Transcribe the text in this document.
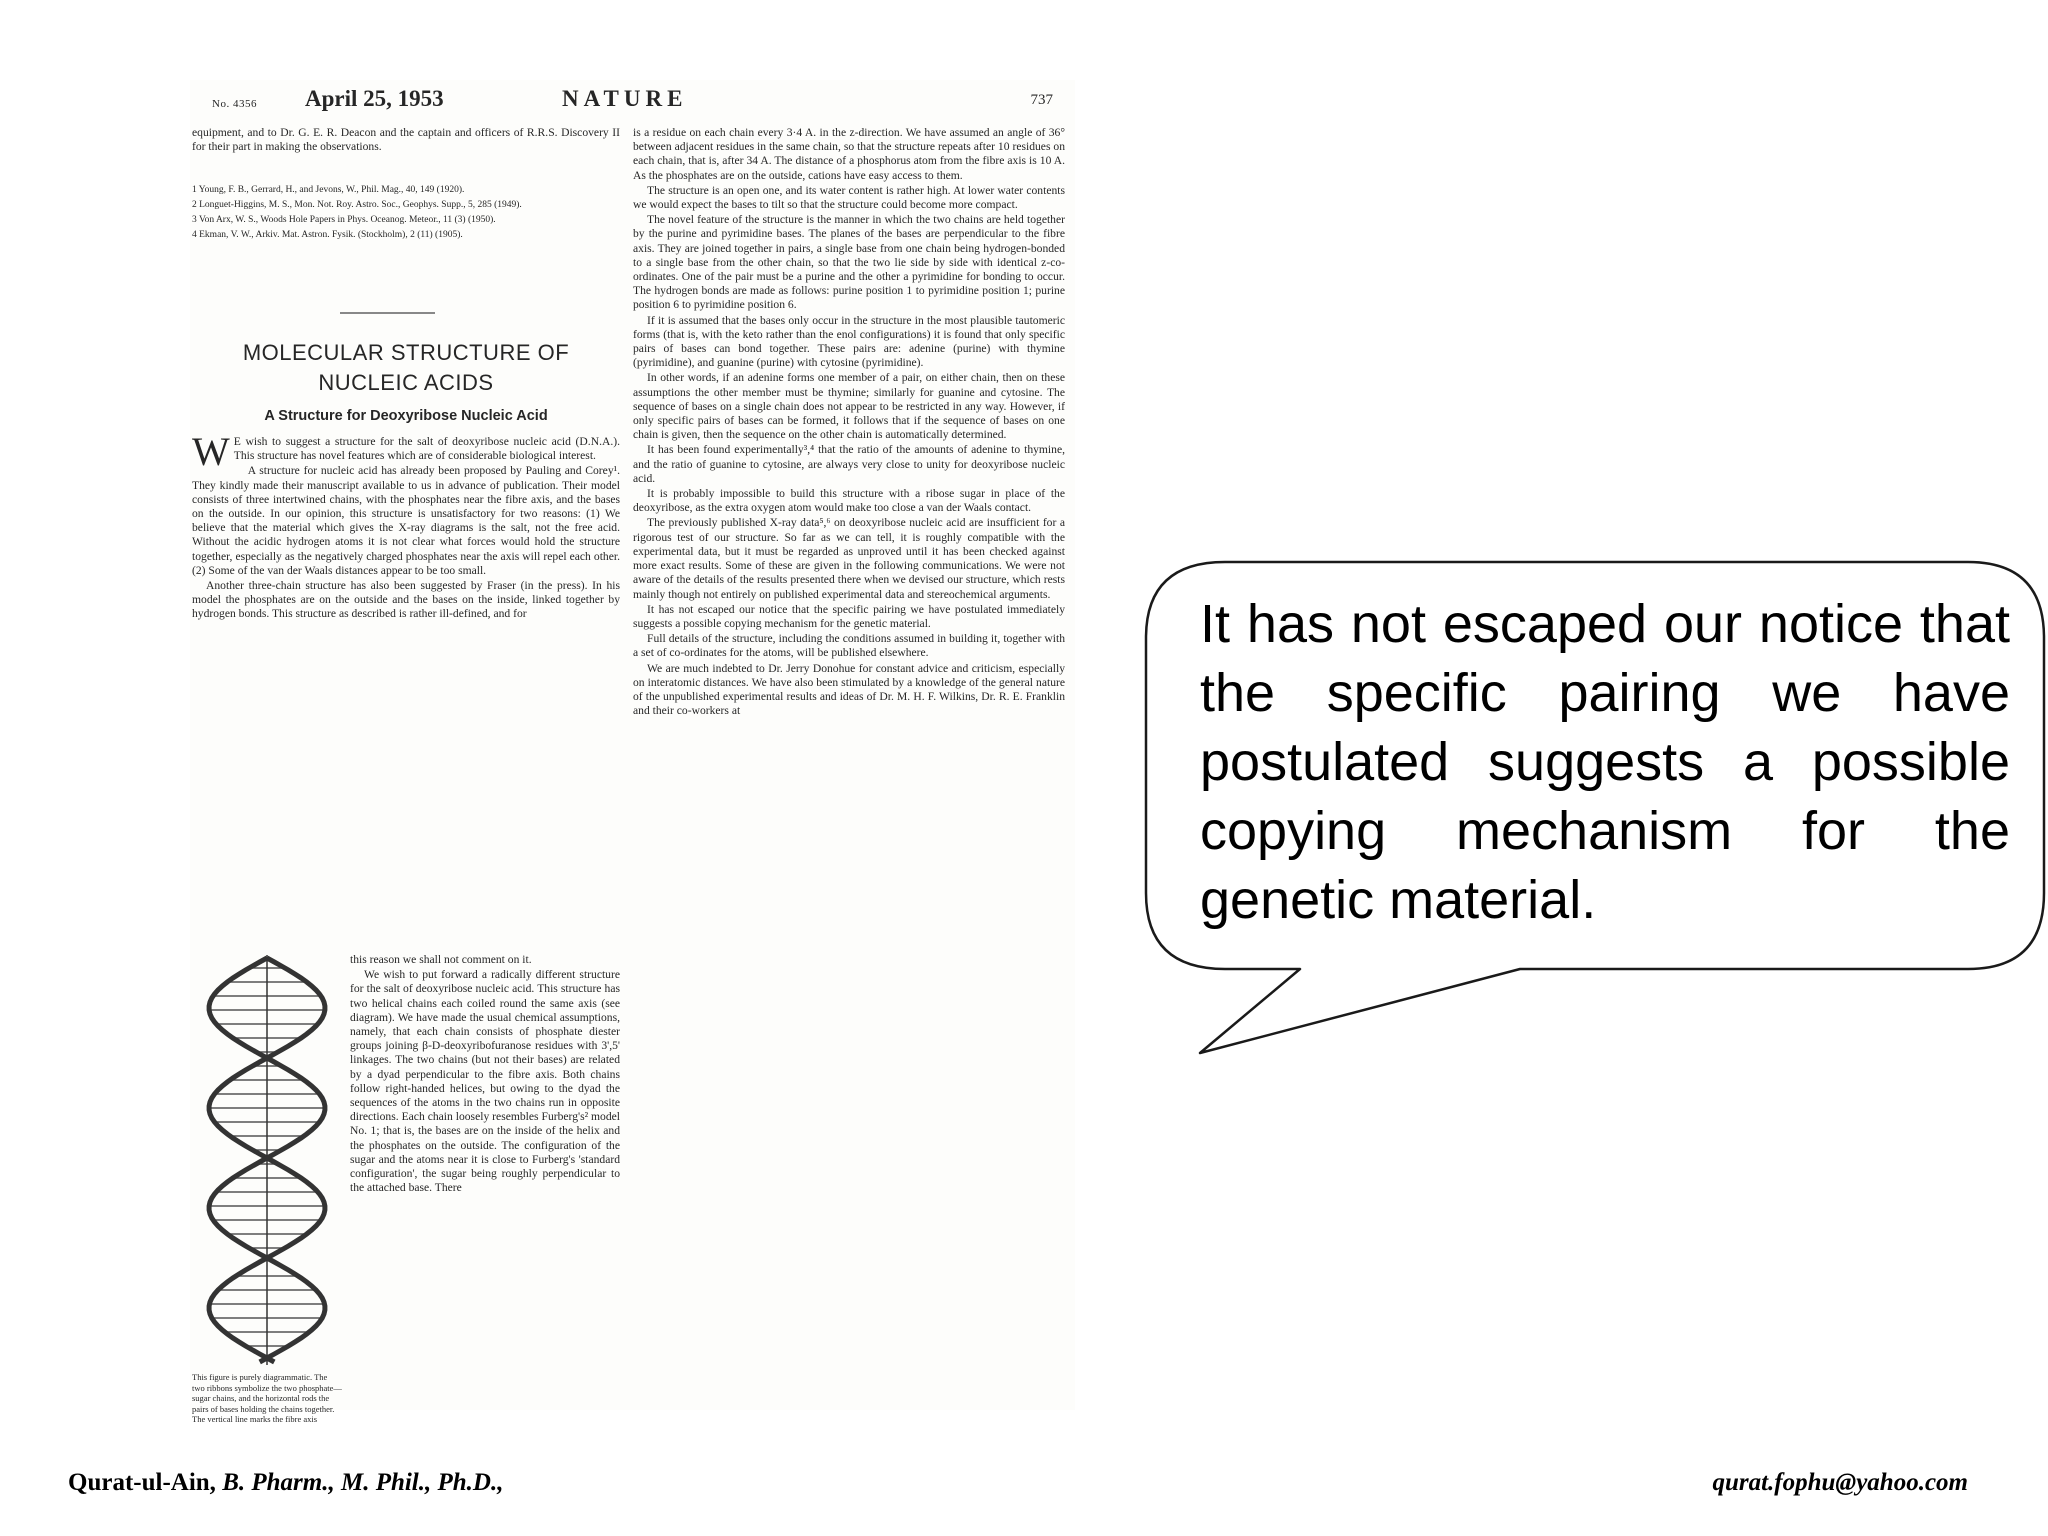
No. 4356 April 25, 1953	NATURE	737

equipment, and to Dr. G. E. R. Deacon and the captain and officers of R.R.S. Discovery II for their part in making the observations.

1 Young, F. B., Gerrard, H., and Jevons, W., Phil. Mag., 40, 149 (1920).

2 Longuet-Higgins, M. S., Mon. Not. Roy. Astro. Soc., Geophys. Supp., 5, 285 (1949).

3 Von Arx, W. S., Woods Hole Papers in Phys. Oceanog. Meteor., 11 (3) (1950).

4 Ekman, V. W., Arkiv. Mat. Astron. Fysik. (Stockholm), 2 (11) (1905).

MOLECULAR STRUCTURE OF
NUCLEIC ACIDS
A Structure for Deoxyribose Nucleic Acid

W E wish to suggest a structure for the salt of deoxyribose nucleic acid (D.N.A.). This structure has novel features which are of considerable biological interest.

A structure for nucleic acid has already been proposed by Pauling and Corey¹. They kindly made their manuscript available to us in advance of publication. Their model consists of three intertwined chains, with the phosphates near the fibre axis, and the bases on the outside. In our opinion, this structure is unsatisfactory for two reasons: (1) We believe that the material which gives the X-ray diagrams is the salt, not the free acid. Without the acidic hydrogen atoms it is not clear what forces would hold the structure together, especially as the negatively charged phosphates near the axis will repel each other. (2) Some of the van der Waals distances appear to be too small.

Another three-chain structure has also been suggested by Fraser (in the press). In his model the phosphates are on the outside and the bases on the inside, linked together by hydrogen bonds. This structure as described is rather ill-defined, and for

this reason we shall not comment on it.

We wish to put forward a radically different structure for the salt of deoxyribose nucleic acid. This structure has two helical chains each coiled round the same axis (see diagram). We have made the usual chemical assumptions, namely, that each chain consists of phosphate diester groups joining β-D-deoxyribofuranose residues with 3',5' linkages. The two chains (but not their bases) are related by a dyad perpendicular to the fibre axis. Both chains follow right-handed helices, but owing to the dyad the sequences of the atoms in the two chains run in opposite directions. Each chain loosely resembles Furberg's² model No. 1; that is, the bases are on the inside of the helix and the phosphates on the outside. The configuration of the sugar and the atoms near it is close to Furberg's 'standard configuration', the sugar being roughly perpendicular to the attached base. There

This figure is purely diagrammatic. The two ribbons symbolize the two phosphate—sugar chains, and the horizontal rods the pairs of bases holding the chains together. The vertical line marks the fibre axis

is a residue on each chain every 3·4 A. in the z-direction. We have assumed an angle of 36° between adjacent residues in the same chain, so that the structure repeats after 10 residues on each chain, that is, after 34 A. The distance of a phosphorus atom from the fibre axis is 10 A. As the phosphates are on the outside, cations have easy access to them.

The structure is an open one, and its water content is rather high. At lower water contents we would expect the bases to tilt so that the structure could become more compact.

The novel feature of the structure is the manner in which the two chains are held together by the purine and pyrimidine bases. The planes of the bases are perpendicular to the fibre axis. They are joined together in pairs, a single base from one chain being hydrogen-bonded to a single base from the other chain, so that the two lie side by side with identical z-co-ordinates. One of the pair must be a purine and the other a pyrimidine for bonding to occur. The hydrogen bonds are made as follows: purine position 1 to pyrimidine position 1; purine position 6 to pyrimidine position 6.

If it is assumed that the bases only occur in the structure in the most plausible tautomeric forms (that is, with the keto rather than the enol configurations) it is found that only specific pairs of bases can bond together. These pairs are: adenine (purine) with thymine (pyrimidine), and guanine (purine) with cytosine (pyrimidine).

In other words, if an adenine forms one member of a pair, on either chain, then on these assumptions the other member must be thymine; similarly for guanine and cytosine. The sequence of bases on a single chain does not appear to be restricted in any way. However, if only specific pairs of bases can be formed, it follows that if the sequence of bases on one chain is given, then the sequence on the other chain is automatically determined.

It has been found experimentally³,⁴ that the ratio of the amounts of adenine to thymine, and the ratio of guanine to cytosine, are always very close to unity for deoxyribose nucleic acid.

It is probably impossible to build this structure with a ribose sugar in place of the deoxyribose, as the extra oxygen atom would make too close a van der Waals contact.

The previously published X-ray data⁵,⁶ on deoxyribose nucleic acid are insufficient for a rigorous test of our structure. So far as we can tell, it is roughly compatible with the experimental data, but it must be regarded as unproved until it has been checked against more exact results. Some of these are given in the following communications. We were not aware of the details of the results presented there when we devised our structure, which rests mainly though not entirely on published experimental data and stereochemical arguments.

It has not escaped our notice that the specific pairing we have postulated immediately suggests a possible copying mechanism for the genetic material.

Full details of the structure, including the conditions assumed in building it, together with a set of co-ordinates for the atoms, will be published elsewhere.

We are much indebted to Dr. Jerry Donohue for constant advice and criticism, especially on interatomic distances. We have also been stimulated by a knowledge of the general nature of the unpublished experimental results and ideas of Dr. M. H. F. Wilkins, Dr. R. E. Franklin and their co-workers at

It has not escaped our notice that the specific pairing we have postulated suggests a possible copying mechanism for the genetic material.
Qurat-ul-Ain, B. Pharm., M. Phil., Ph.D.,	qurat.fophu@yahoo.com
